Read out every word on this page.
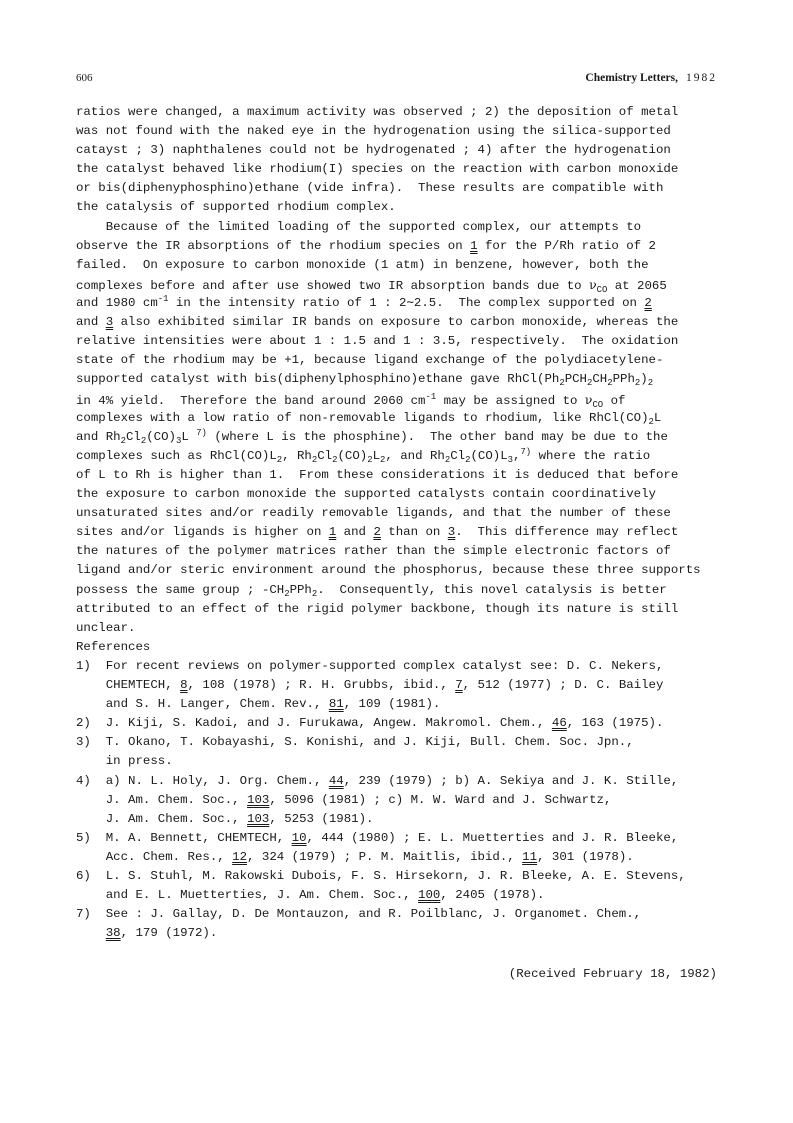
606	Chemistry Letters, 1982
ratios were changed, a maximum activity was observed ; 2) the deposition of metal
was not found with the naked eye in the hydrogenation using the silica-supported
catayst ; 3) naphthalenes could not be hydrogenated ; 4) after the hydrogenation
the catalyst behaved like rhodium(I) species on the reaction with carbon monoxide
or bis(diphenyphosphino)ethane (vide infra).  These results are compatible with
the catalysis of supported rhodium complex.
Because of the limited loading of the supported complex, our attempts to
observe the IR absorptions of the rhodium species on 1 for the P/Rh ratio of 2
failed.  On exposure to carbon monoxide (1 atm) in benzene, however, both the
complexes before and after use showed two IR absorption bands due to $\nu_{CO}$ at 2065
and 1980 $cm^{-1}$ in the intensity ratio of 1 : 2∼2.5.  The complex supported on 2
and 3 also exhibited similar IR bands on exposure to carbon monoxide, whereas the
relative intensities were about 1 : 1.5 and 1 : 3.5, respectively.  The oxidation
state of the rhodium may be +1, because ligand exchange of the polydiacetylene-
supported catalyst with bis(diphenylphosphino)ethane gave $RhCl(Ph_2PCH_2CH_2PPh_2)_2$
in 4% yield.  Therefore the band around 2060 $cm^{-1}$ may be assigned to $\nu_{CO}$ of
complexes with a low ratio of non-removable ligands to rhodium, like $RhCl(CO)_2L$
and $Rh_2Cl_2(CO)_3L$ $^{7)}$ (where L is the phosphine).  The other band may be due to the
complexes such as $RhCl(CO)L_2$, $Rh_2Cl_2(CO)_2L_2$, and $Rh_2Cl_2(CO)L_3,^{7)}$ where the ratio
of L to Rh is higher than 1.  From these considerations it is deduced that before
the exposure to carbon monoxide the supported catalysts contain coordinatively
unsaturated sites and/or readily removable ligands, and that the number of these
sites and/or ligands is higher on 1 and 2 than on 3.  This difference may reflect
the natures of the polymer matrices rather than the simple electronic factors of
ligand and/or steric environment around the phosphorus, because these three supports
possess the same group ; $-CH_2PPh_2$.  Consequently, this novel catalysis is better
attributed to an effect of the rigid polymer backbone, though its nature is still
unclear.
References
1)  For recent reviews on polymer-supported complex catalyst see: D. C. Nekers,
CHEMTECH, 8, 108 (1978) ; R. H. Grubbs, ibid., 7, 512 (1977) ; D. C. Bailey
and S. H. Langer, Chem. Rev., 81, 109 (1981).
2)  J. Kiji, S. Kadoi, and J. Furukawa, Angew. Makromol. Chem., 46, 163 (1975).
3)  T. Okano, T. Kobayashi, S. Konishi, and J. Kiji, Bull. Chem. Soc. Jpn.,
in press.
4)  a) N. L. Holy, J. Org. Chem., 44, 239 (1979) ; b) A. Sekiya and J. K. Stille,
J. Am. Chem. Soc., 103, 5096 (1981) ; c) M. W. Ward and J. Schwartz,
J. Am. Chem. Soc., 103, 5253 (1981).
5)  M. A. Bennett, CHEMTECH, 10, 444 (1980) ; E. L. Muetterties and J. R. Bleeke,
Acc. Chem. Res., 12, 324 (1979) ; P. M. Maitlis, ibid., 11, 301 (1978).
6)  L. S. Stuhl, M. Rakowski Dubois, F. S. Hirsekorn, J. R. Bleeke, A. E. Stevens,
and E. L. Muetterties, J. Am. Chem. Soc., 100, 2405 (1978).
7)  See : J. Gallay, D. De Montauzon, and R. Poilblanc, J. Organomet. Chem.,
38, 179 (1972).
(Received February 18, 1982)
